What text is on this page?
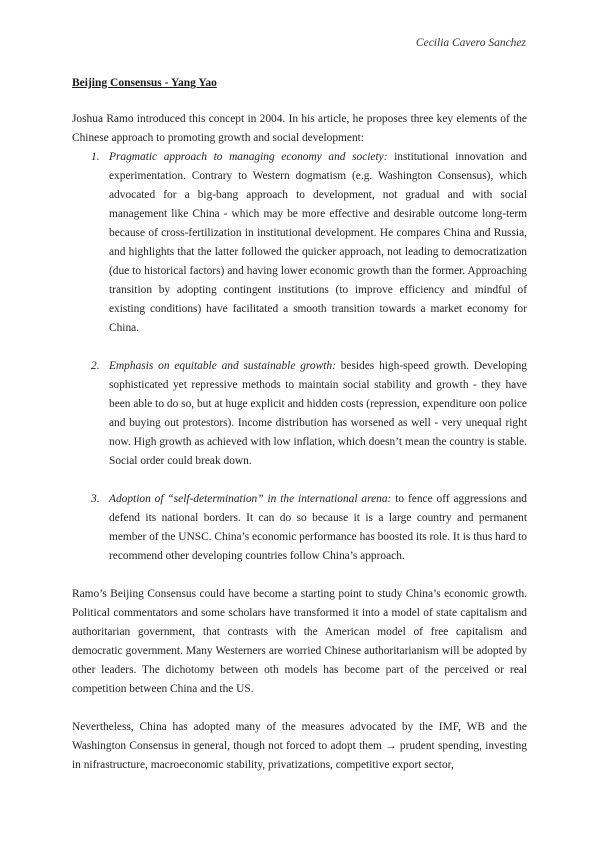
Cecilia Cavero Sanchez
Beijing Consensus - Yang Yao

Joshua Ramo introduced this concept in 2004. In his article, he proposes three key elements of the Chinese approach to promoting growth and social development:

1. Pragmatic approach to managing economy and society: institutional innovation and experimentation. Contrary to Western dogmatism (e.g. Washington Consensus), which advocated for a big-bang approach to development, not gradual and with social management like China - which may be more effective and desirable outcome long-term because of cross-fertilization in institutional development. He compares China and Russia, and highlights that the latter followed the quicker approach, not leading to democratization (due to historical factors) and having lower economic growth than the former. Approaching transition by adopting contingent institutions (to improve efficiency and mindful of existing conditions) have facilitated a smooth transition towards a market economy for China.
2. Emphasis on equitable and sustainable growth: besides high-speed growth. Developing sophisticated yet repressive methods to maintain social stability and growth - they have been able to do so, but at huge explicit and hidden costs (repression, expenditure oon police and buying out protestors). Income distribution has worsened as well - very unequal right now. High growth as achieved with low inflation, which doesn’t mean the country is stable. Social order could break down.
3. Adoption of “self-determination” in the international arena: to fence off aggressions and defend its national borders. It can do so because it is a large country and permanent member of the UNSC. China’s economic performance has boosted its role. It is thus hard to recommend other developing countries follow China’s approach.

Ramo’s Beijing Consensus could have become a starting point to study China’s economic growth. Political commentators and some scholars have transformed it into a model of state capitalism and authoritarian government, that contrasts with the American model of free capitalism and democratic government. Many Westerners are worried Chinese authoritarianism will be adopted by other leaders. The dichotomy between oth models has become part of the perceived or real competition between China and the US.

Nevertheless, China has adopted many of the measures advocated by the IMF, WB and the Washington Consensus in general, though not forced to adopt them → prudent spending, investing in nifrastructure, macroeconomic stability, privatizations, competitive export sector,
